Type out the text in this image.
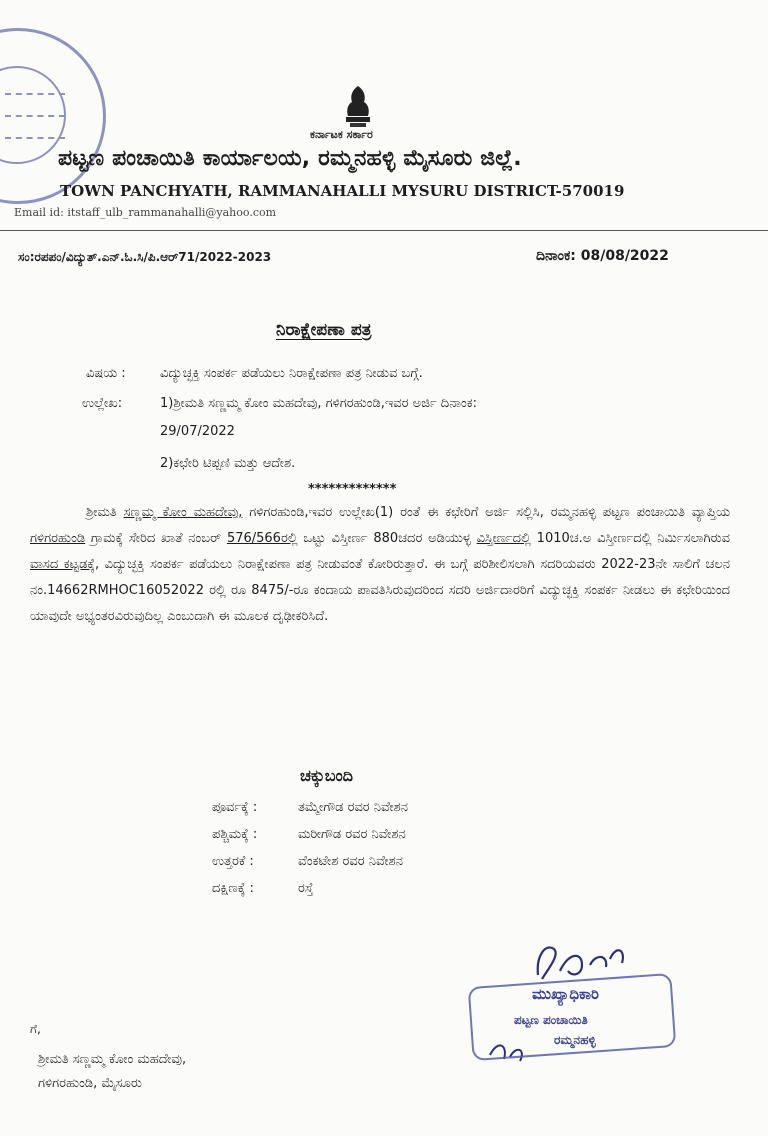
ಕರ್ನಾಟಕ ಸರ್ಕಾರ
ಪಟ್ಟಣ ಪಂಚಾಯಿತಿ ಕಾರ್ಯಾಲಯ, ರಮ್ಮನಹಳ್ಳಿ ಮೈಸೂರು ಜಿಲ್ಲೆ.
TOWN PANCHYATH, RAMMANAHALLI MYSURU DISTRICT-570019
Email id: itstaff_ulb_rammanahalli@yahoo.com
ಸಂ:ರಪಪಂ/ವಿದ್ಯುತ್.ಎನ್.ಓ.ಸಿ/ಪಿ.ಆರ್71/2022-2023	ದಿನಾಂಕ: 08/08/2022
ನಿರಾಕ್ಷೇಪಣಾ ಪತ್ರ
ವಿಷಯ :	ವಿದ್ಯುಚ್ಛಕ್ತಿ ಸಂಪರ್ಕ ಪಡೆಯಲು ನಿರಾಕ್ಷೇಪಣಾ ಪತ್ರ ನೀಡುವ ಬಗ್ಗೆ.
ಉಲ್ಲೇಖ:	1)ಶ್ರೀಮತಿ ಸಣ್ಣಮ್ಮ ಕೋಂ ಮಹದೇವು, ಗಳಿಗರಹುಂಡಿ,ಇವರ ಅರ್ಜಿ ದಿನಾಂಕ:
29/07/2022
2)ಕಛೇರಿ ಟಿಪ್ಪಣಿ ಮತ್ತು ಆದೇಶ.
*************

ಶ್ರೀಮತಿ ಸಣ್ಣಮ್ಮ ಕೋಂ ಮಹದೇವು, ಗಳಿಗರಹುಂಡಿ,ಇವರ ಉಲ್ಲೇಖ(1) ರಂತೆ ಈ ಕಛೇರಿಗೆ ಅರ್ಜಿ ಸಲ್ಲಿಸಿ, ರಮ್ಮನಹಳ್ಳಿ ಪಟ್ಟಣ ಪಂಚಾಯಿತಿ ವ್ಯಾಪ್ತಿಯ ಗಳಿಗರಹುಂಡಿ ಗ್ರಾಮಕ್ಕೆ ಸೇರಿದ ಖಾತೆ ನಂಬರ್ 576/566ರಲ್ಲಿ ಒಟ್ಟು ವಿಸ್ತೀರ್ಣ 880ಚದರ ಅಡಿಯುಳ್ಳ ವಿಸ್ತೀರ್ಣದಲ್ಲಿ 1010ಚ.ಅ ವಿಸ್ತೀರ್ಣದಲ್ಲಿ ನಿರ್ಮಿಸಲಾಗಿರುವ ವಾಸದ ಕಟ್ಟಡಕ್ಕೆ, ವಿದ್ಯುಚ್ಛಕ್ತಿ ಸಂಪರ್ಕ ಪಡೆಯಲು ನಿರಾಕ್ಷೇಪಣಾ ಪತ್ರ ನೀಡುವಂತೆ ಕೋರಿರುತ್ತಾರೆ. ಈ ಬಗ್ಗೆ ಪರಿಶೀಲಿಸಲಾಗಿ ಸದರಿಯವರು 2022-23ನೇ ಸಾಲಿಗೆ ಚಲನ ನಂ.14662RMHOC16052022 ರಲ್ಲಿ ರೂ 8475/-ರೂ ಕಂದಾಯ ಪಾವತಿಸಿರುವುದರಿಂದ ಸದರಿ ಅರ್ಜಿದಾರರಿಗೆ ವಿದ್ಯುಚ್ಛಕ್ತಿ ಸಂಪರ್ಕ ನೀಡಲು ಈ ಕಛೇರಿಯಿಂದ ಯಾವುದೇ ಅಭ್ಯಂತರವಿರುವುದಿಲ್ಲ ಎಂಬುದಾಗಿ ಈ ಮೂಲಕ ದೃಢೀಕರಿಸಿದೆ.

ಚಕ್ಕುಬಂದಿ
ಪೂರ್ವಕ್ಕೆ :	ತಮ್ಮೇಗೌಡ ರವರ ನಿವೇಶನ
ಪಶ್ಚಿಮಕ್ಕೆ :	ಮರೀಗೌಡ ರವರ ನಿವೇಶನ
ಉತ್ತರಕೆ :	ವೆಂಕಟೇಶ ರವರ ನಿವೇಶನ
ದಕ್ಷಿಣಕ್ಕೆ :	ರಸ್ತೆ
ಮುಖ್ಯಾಧಿಕಾರಿ
ಪಟ್ಟಣ ಪಂಚಾಯಿತಿ
ರಮ್ಮನಹಳ್ಳಿ
ಗೆ,
ಶ್ರೀಮತಿ ಸಣ್ಣಮ್ಮ ಕೋಂ ಮಹದೇವು,
ಗಳಿಗರಹುಂಡಿ, ಮೈಸೂರು
